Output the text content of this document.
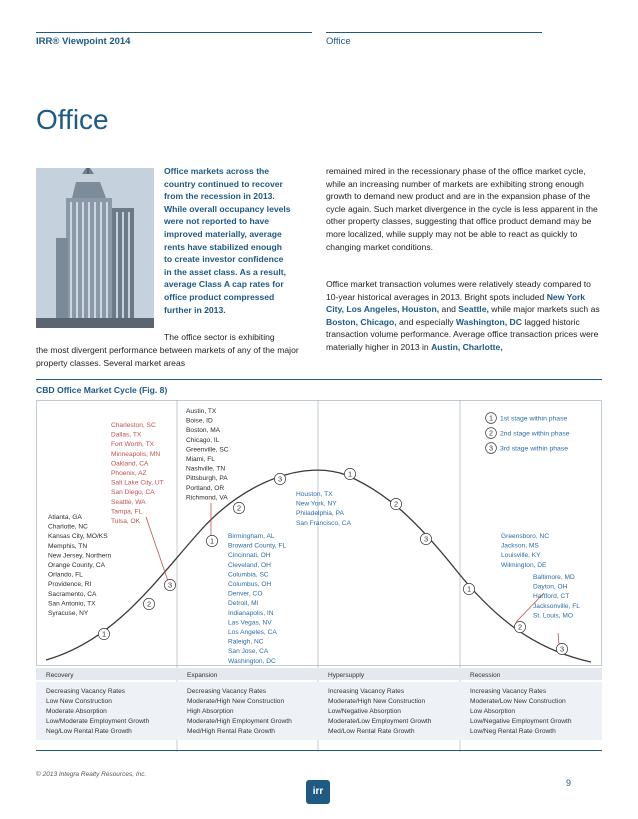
IRR® Viewpoint 2014	Office
Office
Office markets across the
country continued to recover
from the recession in 2013.
While overall occupancy levels
were not reported to have
improved materially, average
rents have stabilized enough
to create investor confidence
in the asset class. As a result,
average Class A cap rates for
office product compressed
further in 2013.
The office sector is exhibiting
the most divergent performance between markets of any of the major property classes. Several market areas
remained mired in the recessionary phase of the office market cycle, while an increasing number of markets are exhibiting strong enough growth to demand new product and are in the expansion phase of the cycle again. Such market divergence in the cycle is less apparent in the other property classes, suggesting that office product demand may be more localized, while supply may not be able to react as quickly to changing market conditions.
Office market transaction volumes were relatively steady compared to 10-year historical averages in 2013. Bright spots included New York City, Los Angeles, Houston, and Seattle, while major markets such as Boston, Chicago, and especially Washington, DC lagged historic transaction volume performance. Average office transaction prices were materially higher in 2013 in Austin, Charlotte,
CBD Office Market Cycle (Fig. 8)
1
2
3
1
2
3
1
2
3
1
2
3
1 1st stage within phase
2 2nd stage within phase
3 3rd stage within phase
Atlanta, GA
Charlotte, NC
Kansas City, MO/KS
Memphis, TN
New Jersey, Northern
Orange County, CA
Orlando, FL
Providence, RI
Sacramento, CA
San Antonio, TX
Syracuse, NY
Charleston, SC
Dallas, TX
Fort Worth, TX
Minneapolis, MN
Oakland, CA
Phoenix, AZ
Salt Lake City, UT
San Diego, CA
Seattle, WA
Tampa, FL
Tulsa, OK
Austin, TX
Boise, ID
Boston, MA
Chicago, IL
Greenville, SC
Miami, FL
Nashville, TN
Pittsburgh, PA
Portland, OR
Richmond, VA
Birmingham, AL
Broward County, FL
Cincinnati, OH
Cleveland, OH
Columbia, SC
Columbus, OH
Denver, CO
Detroit, MI
Indianapolis, IN
Las Vegas, NV
Los Angeles, CA
Raleigh, NC
San Jose, CA
Washington, DC
Houston, TX
New York, NY
Philadelphia, PA
San Francisco, CA
Greensboro, NC
Jackson, MS
Louisville, KY
Wilmington, DE
Baltimore, MD
Dayton, OH
Hartford, CT
Jacksonville, FL
St. Louis, MO
Recovery
Decreasing Vacancy Rates
Low New Construction
Moderate Absorption
Low/Moderate Employment Growth
Neg/Low Rental Rate Growth
Expansion
Decreasing Vacancy Rates
Moderate/High New Construction
High Absorption
Moderate/High Employment Growth
Med/High Rental Rate Growth
Hypersupply
Increasing Vacancy Rates
Moderate/High New Construction
Low/Negative Absorption
Moderate/Low Employment Growth
Med/Low Rental Rate Growth
Recession
Increasing Vacancy Rates
Moderate/Low New Construction
Low Absorption
Low/Negative Employment Growth
Low/Neg Rental Rate Growth
© 2013 Integra Realty Resources, Inc.
irr
9
